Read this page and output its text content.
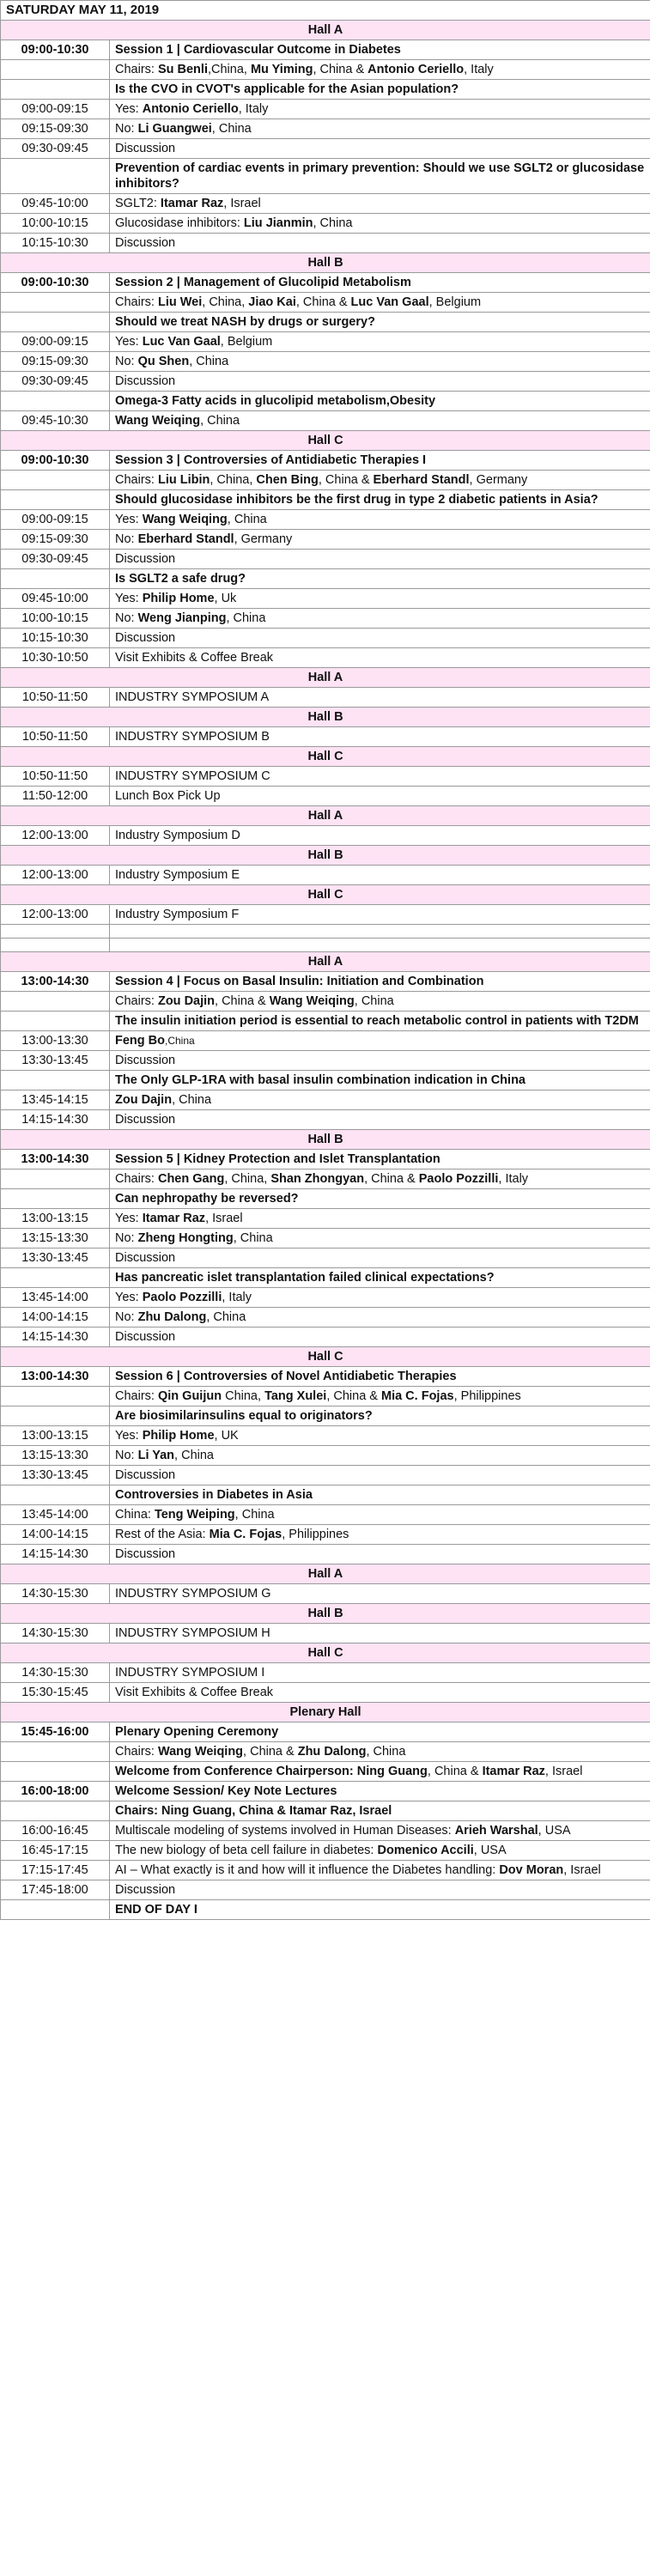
SATURDAY MAY 11, 2019	
Hall A	
09:00-10:30	Session 1 | Cardiovascular Outcome in Diabetes
	Chairs: Su Benli,China, Mu Yiming, China & Antonio Ceriello, Italy
	Is the CVO in CVOT's applicable for the Asian population?
09:00-09:15	Yes: Antonio Ceriello, Italy
09:15-09:30	No: Li Guangwei, China
09:30-09:45	Discussion
	Prevention of cardiac events in primary prevention: Should we use SGLT2 or glucosidase inhibitors?
09:45-10:00	SGLT2: Itamar Raz, Israel
10:00-10:15	Glucosidase inhibitors: Liu Jianmin, China
10:15-10:30	Discussion
Hall B	
09:00-10:30	Session 2 | Management of Glucolipid Metabolism
	Chairs: Liu Wei, China, Jiao Kai, China & Luc Van Gaal, Belgium
	Should we treat NASH by drugs or surgery?
09:00-09:15	Yes: Luc Van Gaal, Belgium
09:15-09:30	No: Qu Shen, China
09:30-09:45	Discussion
	Omega-3 Fatty acids in glucolipid metabolism,Obesity
09:45-10:30	Wang Weiqing, China
Hall C	
09:00-10:30	Session 3 | Controversies of Antidiabetic Therapies I
	Chairs: Liu Libin, China, Chen Bing, China & Eberhard Standl, Germany
	Should glucosidase inhibitors be the first drug in type 2 diabetic patients in Asia?
09:00-09:15	Yes: Wang Weiqing, China
09:15-09:30	No: Eberhard Standl, Germany
09:30-09:45	Discussion
	Is SGLT2 a safe drug?
09:45-10:00	Yes: Philip Home, Uk
10:00-10:15	No: Weng Jianping, China
10:15-10:30	Discussion
10:30-10:50	Visit Exhibits & Coffee Break
Hall A	
10:50-11:50	INDUSTRY SYMPOSIUM A
Hall B	
10:50-11:50	INDUSTRY SYMPOSIUM B
Hall C	
10:50-11:50	INDUSTRY SYMPOSIUM C
11:50-12:00	Lunch Box Pick Up
Hall A	
12:00-13:00	Industry Symposium D
Hall B	
12:00-13:00	Industry Symposium E
Hall C	
12:00-13:00	Industry Symposium F

Hall A	
13:00-14:30	Session 4 | Focus on Basal Insulin: Initiation and Combination
	Chairs: Zou Dajin, China & Wang Weiqing, China
	The insulin initiation period is essential to reach metabolic control in patients with T2DM
13:00-13:30	Feng Bo,China
13:30-13:45	Discussion
	The Only GLP-1RA with basal insulin combination indication in China
13:45-14:15	Zou Dajin, China
14:15-14:30	Discussion
Hall B	
13:00-14:30	Session 5 | Kidney Protection and Islet Transplantation
	Chairs: Chen Gang, China, Shan Zhongyan, China & Paolo Pozzilli, Italy
	Can nephropathy be reversed?
13:00-13:15	Yes: Itamar Raz, Israel
13:15-13:30	No: Zheng Hongting, China
13:30-13:45	Discussion
	Has pancreatic islet transplantation failed clinical expectations?
13:45-14:00	Yes: Paolo Pozzilli, Italy
14:00-14:15	No: Zhu Dalong, China
14:15-14:30	Discussion
Hall C	
13:00-14:30	Session 6 | Controversies of Novel Antidiabetic Therapies
	Chairs: Qin Guijun China, Tang Xulei, China & Mia C. Fojas, Philippines
	Are biosimilarinsulins equal to originators?
13:00-13:15	Yes: Philip Home, UK
13:15-13:30	No: Li Yan, China
13:30-13:45	Discussion
	Controversies in Diabetes in Asia
13:45-14:00	China: Teng Weiping, China
14:00-14:15	Rest of the Asia: Mia C. Fojas, Philippines
14:15-14:30	Discussion
Hall A	
14:30-15:30	INDUSTRY SYMPOSIUM G
Hall B	
14:30-15:30	INDUSTRY SYMPOSIUM H
Hall C	
14:30-15:30	INDUSTRY SYMPOSIUM I
15:30-15:45	Visit Exhibits & Coffee Break
Plenary Hall	
15:45-16:00	Plenary Opening Ceremony
	Chairs: Wang Weiqing, China & Zhu Dalong, China
	Welcome from Conference Chairperson: Ning Guang, China & Itamar Raz, Israel
16:00-18:00	Welcome Session/ Key Note Lectures
	Chairs: Ning Guang, China & Itamar Raz, Israel
16:00-16:45	Multiscale modeling of systems involved in Human Diseases: Arieh Warshal, USA
16:45-17:15	The new biology of beta cell failure in diabetes: Domenico Accili, USA
17:15-17:45	AI – What exactly is it and how will it influence the Diabetes handling: Dov Moran, Israel
17:45-18:00	Discussion
	END OF DAY I
